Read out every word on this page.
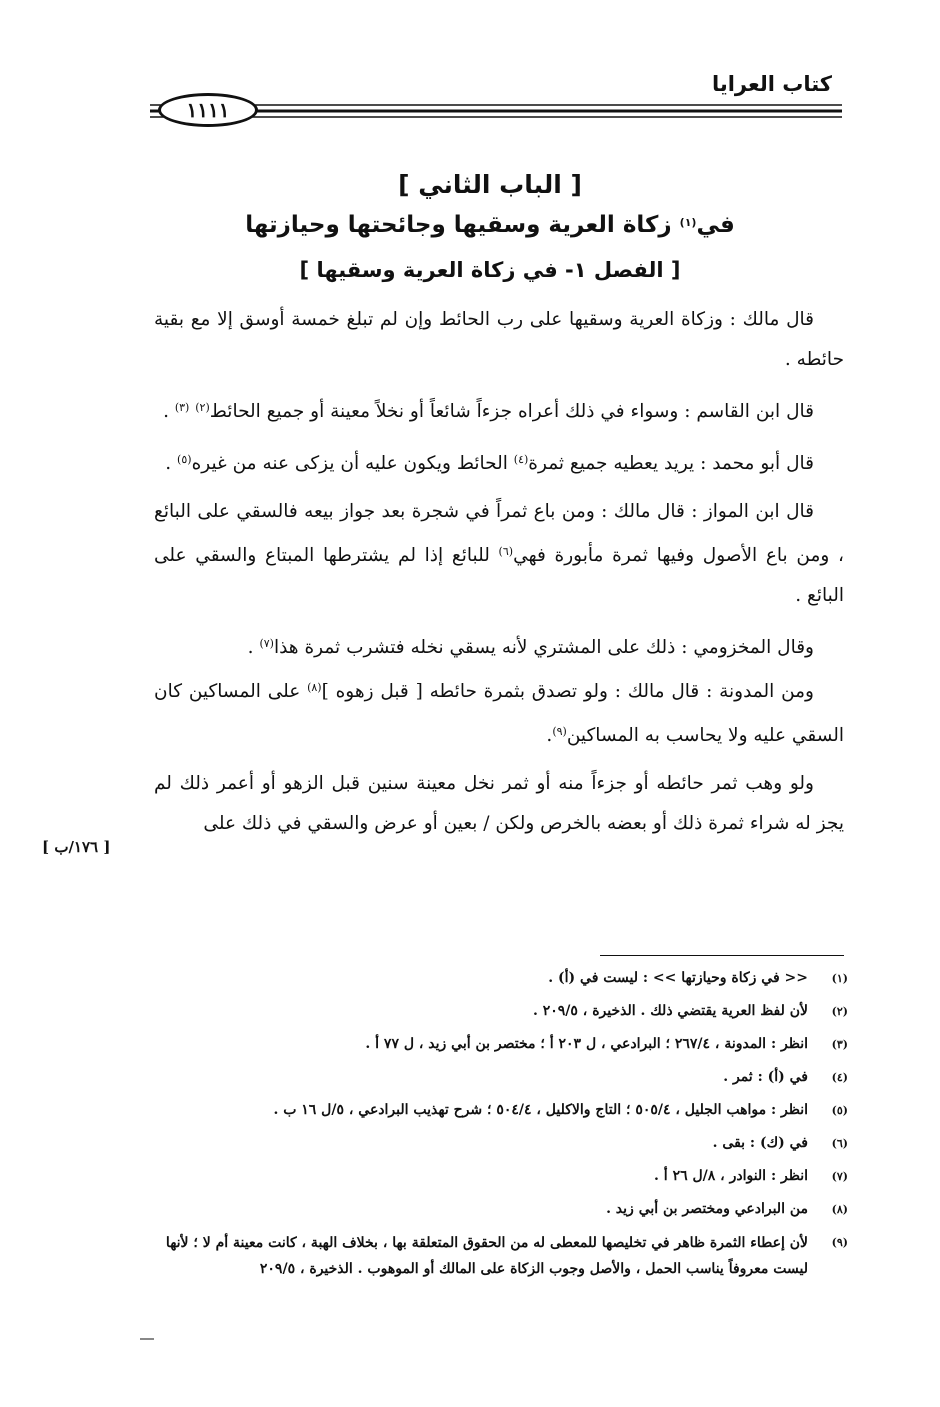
كتاب العرايا
١١١١
[ الباب الثاني ]
في$^{(١)}$ زكاة العرية وسقيها وجائحتها وحيازتها
[ الفصل ١- في زكاة العرية وسقيها ]

قال مالك : وزكاة العرية وسقيها على رب الحائط وإن لم تبلغ خمسة أوسق إلا مع بقية حائطه .

قال ابن القاسم : وسواء في ذلك أعراه جزءاً شائعاً أو نخلاً معينة أو جميع الحائط$^{(٢)}$ $^{(٣)}$ .

قال أبو محمد : يريد يعطيه جميع ثمرة$^{(٤)}$ الحائط ويكون عليه أن يزكى عنه من غيره$^{(٥)}$ .

قال ابن المواز : قال مالك : ومن باع ثمراً في شجرة بعد جواز بيعه فالسقي على البائع ، ومن باع الأصول وفيها ثمرة مأبورة فهي$^{(٦)}$ للبائع إذا لم يشترطها المبتاع والسقي على البائع .

وقال المخزومي : ذلك على المشتري لأنه يسقي نخله فتشرب ثمرة هذا$^{(٧)}$ .

ومن المدونة : قال مالك : ولو تصدق بثمرة حائطه [ قبل زهوه ]$^{(٨)}$ على المساكين كان السقي عليه ولا يحاسب به المساكين$^{(٩)}$.

ولو وهب ثمر حائطه أو جزءاً منه أو ثمر نخل معينة سنين قبل الزهو أو أعمر ذلك لم يجز له شراء ثمرة ذلك أو بعضه بالخرص ولكن / بعين أو عرض والسقي في ذلك على

[ ١٧٦/ب ]
(١)
<< في زكاة وحيازتها >> : ليست في (أ) .
(٢)
لأن لفظ العرية يقتضي ذلك . الذخيرة ، ٢٠٩/٥ .
(٣)
انظر : المدونة ، ٢٦٧/٤ ؛ البرادعي ، ل ٢٠٣ أ ؛ مختصر بن أبي زيد ، ل ٧٧ أ .
(٤)
في (أ) : ثمر .
(٥)
انظر : مواهب الجليل ، ٥٠٥/٤ ؛ التاج والاكليل ، ٥٠٤/٤ ؛ شرح تهذيب البرادعي ، ٥/ل ١٦ ب .
(٦)
في (ك) : بقى .
(٧)
انظر : النوادر ، ٨/ل ٢٦ أ .
(٨)
من البرادعي ومختصر بن أبي زيد .
(٩)
لأن إعطاء الثمرة ظاهر في تخليصها للمعطى له من الحقوق المتعلقة بها ، بخلاف الهبة ، كانت معينة أم لا ؛ لأنها ليست معروفاً يناسب الحمل ، والأصل وجوب الزكاة على المالك أو الموهوب . الذخيرة ، ٢٠٩/٥
